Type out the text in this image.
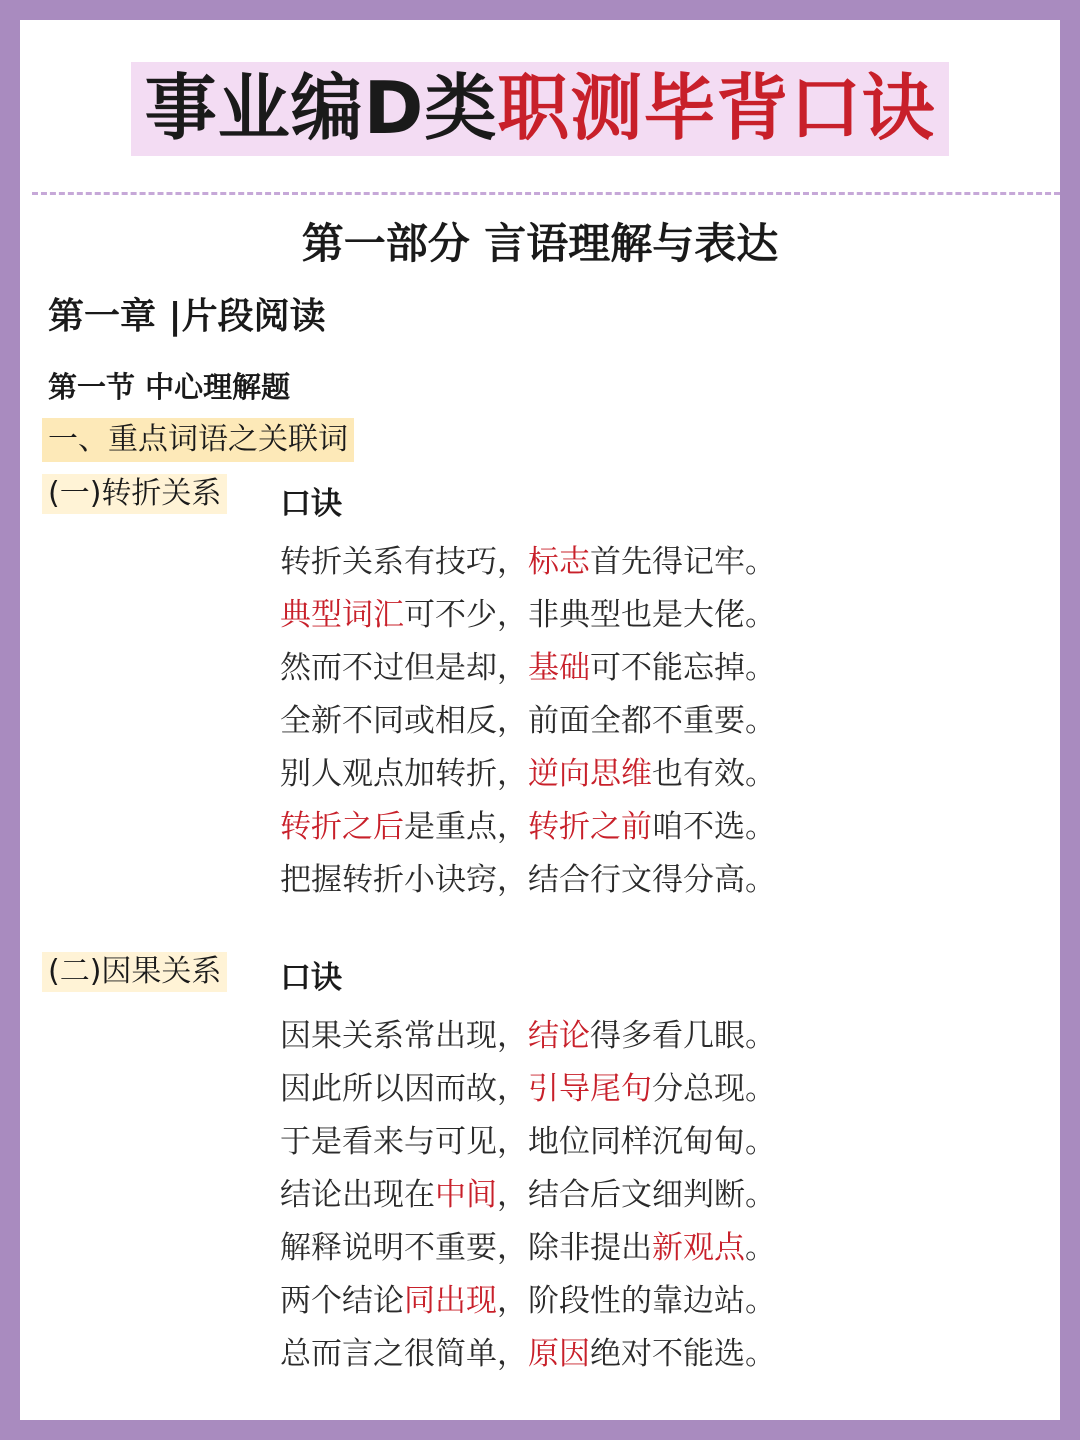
事业编D类职测毕背口诀
第一部分 言语理解与表达
第一章 |片段阅读
第一节 中心理解题
一、重点词语之关联词
(一)转折关系 口诀
转折关系有技巧，标志首先得记牢。
典型词汇可不少，非典型也是大佬。
然而不过但是却，基础可不能忘掉。
全新不同或相反，前面全都不重要。
别人观点加转折，逆向思维也有效。
转折之后是重点，转折之前咱不选。
把握转折小诀窍，结合行文得分高。
(二)因果关系 口诀
因果关系常出现，结论得多看几眼。
因此所以因而故，引导尾句分总现。
于是看来与可见，地位同样沉甸甸。
结论出现在中间，结合后文细判断。
解释说明不重要，除非提出新观点。
两个结论同出现，阶段性的靠边站。
总而言之很简单，原因绝对不能选。
